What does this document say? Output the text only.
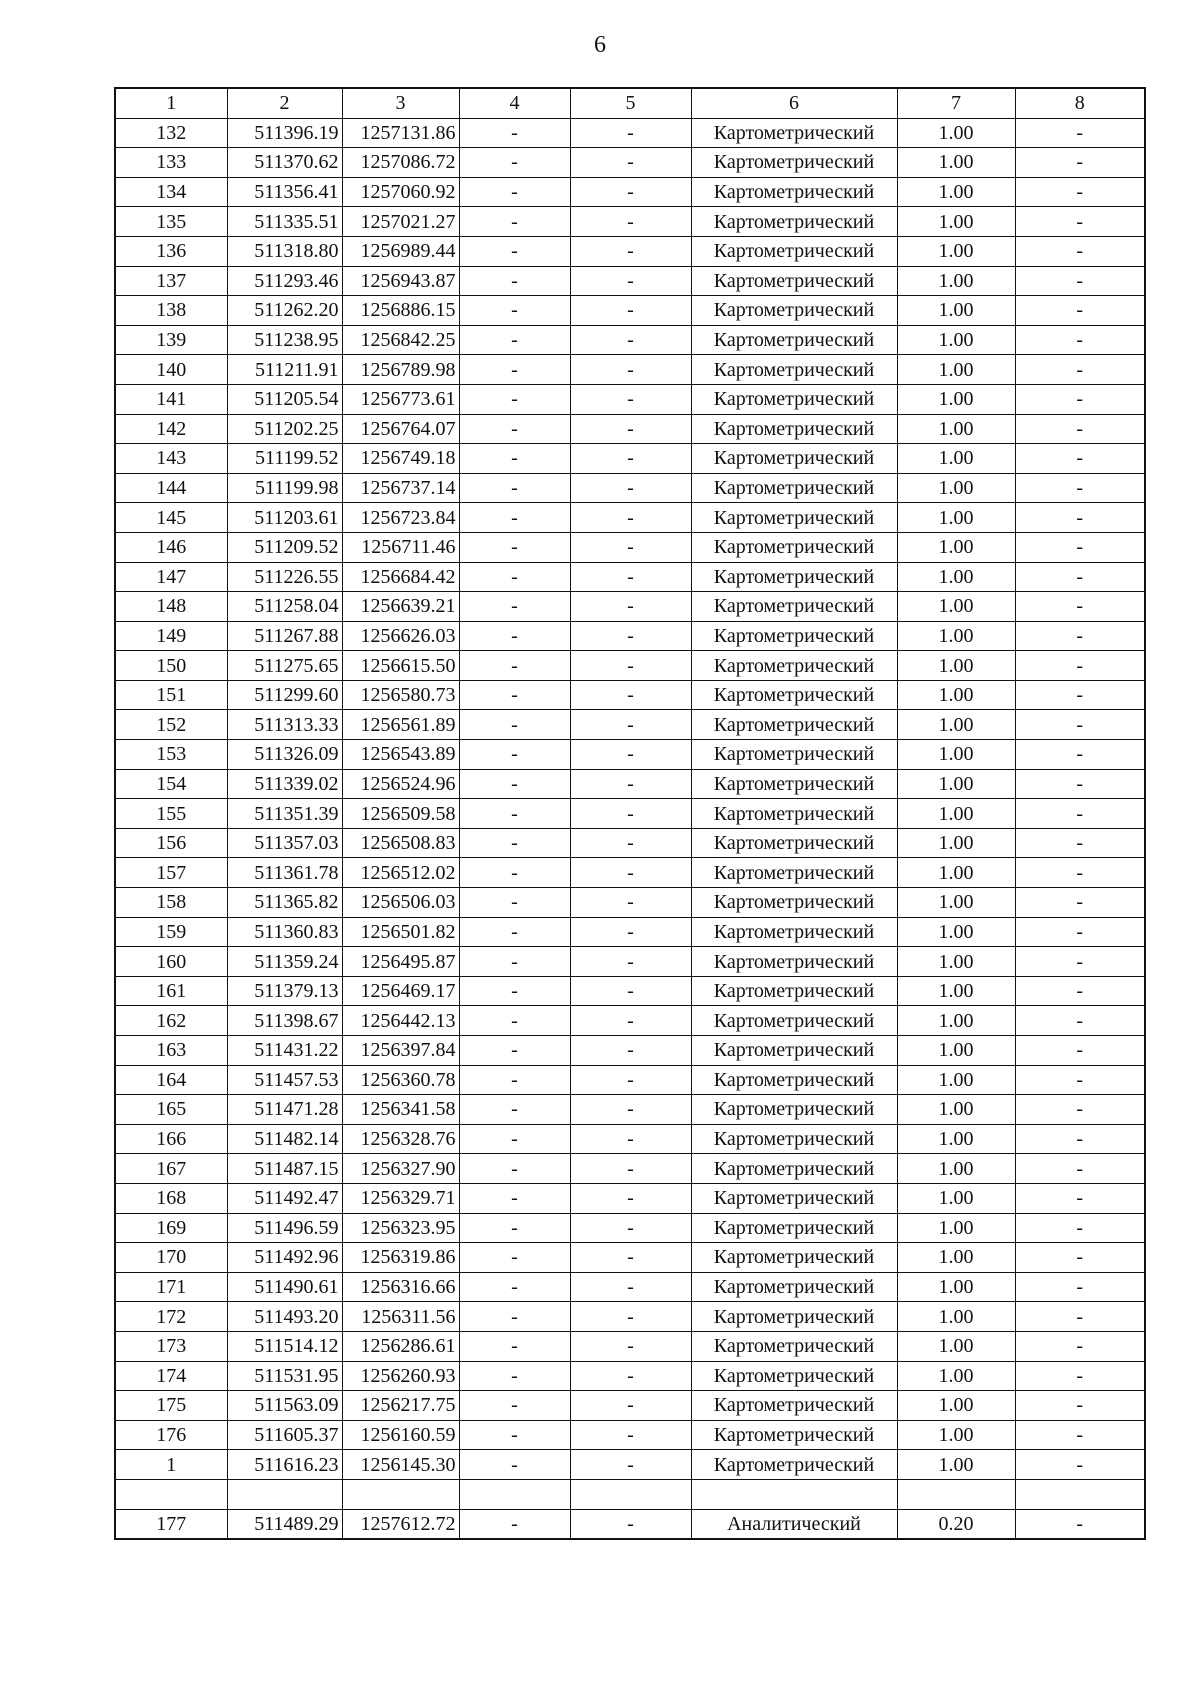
6
1	2	3	4	5	6	7	8
132	511396.19	1257131.86	-	-	Картометрический	1.00	-
133	511370.62	1257086.72	-	-	Картометрический	1.00	-
134	511356.41	1257060.92	-	-	Картометрический	1.00	-
135	511335.51	1257021.27	-	-	Картометрический	1.00	-
136	511318.80	1256989.44	-	-	Картометрический	1.00	-
137	511293.46	1256943.87	-	-	Картометрический	1.00	-
138	511262.20	1256886.15	-	-	Картометрический	1.00	-
139	511238.95	1256842.25	-	-	Картометрический	1.00	-
140	511211.91	1256789.98	-	-	Картометрический	1.00	-
141	511205.54	1256773.61	-	-	Картометрический	1.00	-
142	511202.25	1256764.07	-	-	Картометрический	1.00	-
143	511199.52	1256749.18	-	-	Картометрический	1.00	-
144	511199.98	1256737.14	-	-	Картометрический	1.00	-
145	511203.61	1256723.84	-	-	Картометрический	1.00	-
146	511209.52	1256711.46	-	-	Картометрический	1.00	-
147	511226.55	1256684.42	-	-	Картометрический	1.00	-
148	511258.04	1256639.21	-	-	Картометрический	1.00	-
149	511267.88	1256626.03	-	-	Картометрический	1.00	-
150	511275.65	1256615.50	-	-	Картометрический	1.00	-
151	511299.60	1256580.73	-	-	Картометрический	1.00	-
152	511313.33	1256561.89	-	-	Картометрический	1.00	-
153	511326.09	1256543.89	-	-	Картометрический	1.00	-
154	511339.02	1256524.96	-	-	Картометрический	1.00	-
155	511351.39	1256509.58	-	-	Картометрический	1.00	-
156	511357.03	1256508.83	-	-	Картометрический	1.00	-
157	511361.78	1256512.02	-	-	Картометрический	1.00	-
158	511365.82	1256506.03	-	-	Картометрический	1.00	-
159	511360.83	1256501.82	-	-	Картометрический	1.00	-
160	511359.24	1256495.87	-	-	Картометрический	1.00	-
161	511379.13	1256469.17	-	-	Картометрический	1.00	-
162	511398.67	1256442.13	-	-	Картометрический	1.00	-
163	511431.22	1256397.84	-	-	Картометрический	1.00	-
164	511457.53	1256360.78	-	-	Картометрический	1.00	-
165	511471.28	1256341.58	-	-	Картометрический	1.00	-
166	511482.14	1256328.76	-	-	Картометрический	1.00	-
167	511487.15	1256327.90	-	-	Картометрический	1.00	-
168	511492.47	1256329.71	-	-	Картометрический	1.00	-
169	511496.59	1256323.95	-	-	Картометрический	1.00	-
170	511492.96	1256319.86	-	-	Картометрический	1.00	-
171	511490.61	1256316.66	-	-	Картометрический	1.00	-
172	511493.20	1256311.56	-	-	Картометрический	1.00	-
173	511514.12	1256286.61	-	-	Картометрический	1.00	-
174	511531.95	1256260.93	-	-	Картометрический	1.00	-
175	511563.09	1256217.75	-	-	Картометрический	1.00	-
176	511605.37	1256160.59	-	-	Картометрический	1.00	-
1	511616.23	1256145.30	-	-	Картометрический	1.00	-

177	511489.29	1257612.72	-	-	Аналитический	0.20	-
